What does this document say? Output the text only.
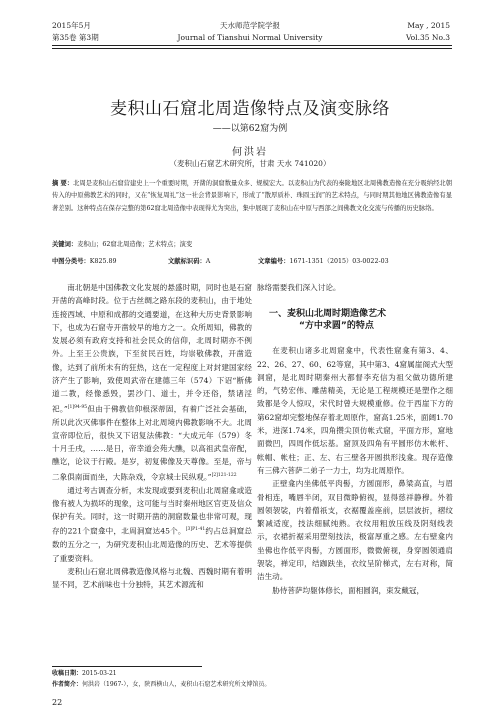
2015年5月
第35卷 第3期
天水师范学院学报
Journal of Tianshui Normal University
May , 2015
Vol.35 No.3
麦积山石窟北周造像特点及演变脉络
——以第62窟为例
何洪岩
（麦积山石窟艺术研究所，甘肃 天水 741020）
摘 要：北周是麦积山石窟营建史上一个重要时期，开凿的洞窟数量众多、规模宏大。以麦积山为代表的秦陇地区北周佛教造像在充分吸纳经北朝传入的中原佛教艺术的同时，又在“恢复周礼”这一社会背景影响下，形成了“散厚质朴、珠圆玉润”的艺术特点，与同时期其他地区佛教造像有显著差别。这种特点在保存完整的第62窟北周造像中表现得尤为突出，集中展现了麦积山在中原与西部之间佛教文化交流与传播的历史脉络。
关键词：麦积山；62窟北周造像；艺术特点；演变
中图分类号：K825.89	文献标识码：A	文章编号：1671-1351（2015）03-0022-03

南北朝是中国佛教文化发展的悬盛时期，同时也是石窟开凿的高峰时段。位于古丝绸之路东段的麦积山，由于地处连接西域、中原和成都的交通要道，在这种大历史背景影响下，也成为石窟寺开凿较早的地方之一。众所周知，佛教的发展必须有政府支持和社会民众的信仰，北周时期亦不例外。上至王公贵族，下至贫民百姓，均崇敬佛教，开凿造像，达到了前所未有的狂热，这在一定程度上对封建国家经济产生了影响，致使周武帝在建德三年（574）下诏“断佛道二教，经像悉毁，罢沙门、道士，并令还俗，禁诸淫祀。”$^{[1]94-95}$但由于佛教信仰根深蒂固，有着广泛社会基础，所以此次灭佛事件在整体上对北周境内佛教影响不大。北周宣帝即位后，很快又下诏复法佛教：“大成元年（579）冬十月壬戌，……是日，帝幸道会苑大醮，以高祖武皇帝配，醮讫，论议于行殿。是岁，初复佛像及天尊像。至是，帝与二象俱南面而坐，大陈杂戏，令京城士民纵观。”$^{[2]121-122}$

通过考古调查分析，未发现或要到麦积山北周窟龛或造像有被人为损坏的现象，这可能与当时秦州地区官吏及信众保护有关。同时，这一时期开凿的洞窟数量也非常可观，现存的221个窟龛中，北周洞窟达45个。$^{[3]P1-41}$约占总洞窟总数的五分之一，为研究麦积山北周造像的历史、艺术等提供了重要资料。

麦积山石窟北周佛教造像风格与北魏、西魏时期有着明显不同，艺术前味也十分独特，其艺术源流和

脉络需要我们深入讨论。

一、麦积山北周时期造像艺术
“方中求圆”的特点

在麦积山诸多北周窟龛中，代表性窟龛有第3、4、22、26、27、60、62等窟，其中第3、4窟属崖阁式大型洞窟，是北周时期秦州大都督李充信为祖父做功德所建的，气势宏伟、雕凿精美，无论是工程规模还是塑作之细致都是令人惊叹，宋代时曾大规模重修。位于西崖下方的第62窟却完整地保存着北周原作，窟高1.25米，面阔1.70米，进深1.74米，四角攒尖顶仿帐式窟，平面方形，窟地面微凹，四周作低坛基。窟顶及四角有平圆形仿木帐杆、帐帽、帐柱；正、左、右三壁各开圆拱形浅龛。现存造像有三佛六菩萨二弟子一力士，均为北周原作。

正壁龛内坐佛低平肉髻，方圆面形，鼻梁高直，与眉骨相连，嘴唇半闭，双目微睁俯视，显得慈祥静穆。外着圆领袈裟，内着僧祇支，衣裾覆盖座前，层层波折，褶纹繁减适度，技法细腻纯熟。衣纹用粗放压线及阴刻线表示，衣裙折裾采用塑刻技法，极富厚重之感。左右壁龛内坐佛也作低平肉髻，方圆面形，微微俯视，身穿圆领通肩袈裟，禅定印，结跏趺坐，衣纹呈阶梯式，左右对称，简洁生动。

胁侍菩萨均躯体修长，面相圆润，束发戴冠，

收稿日期：2015-03-21
作者简介：何洪岩（1967-），女，陕西横山人，麦积山石窟艺术研究所文博馆员。
22
